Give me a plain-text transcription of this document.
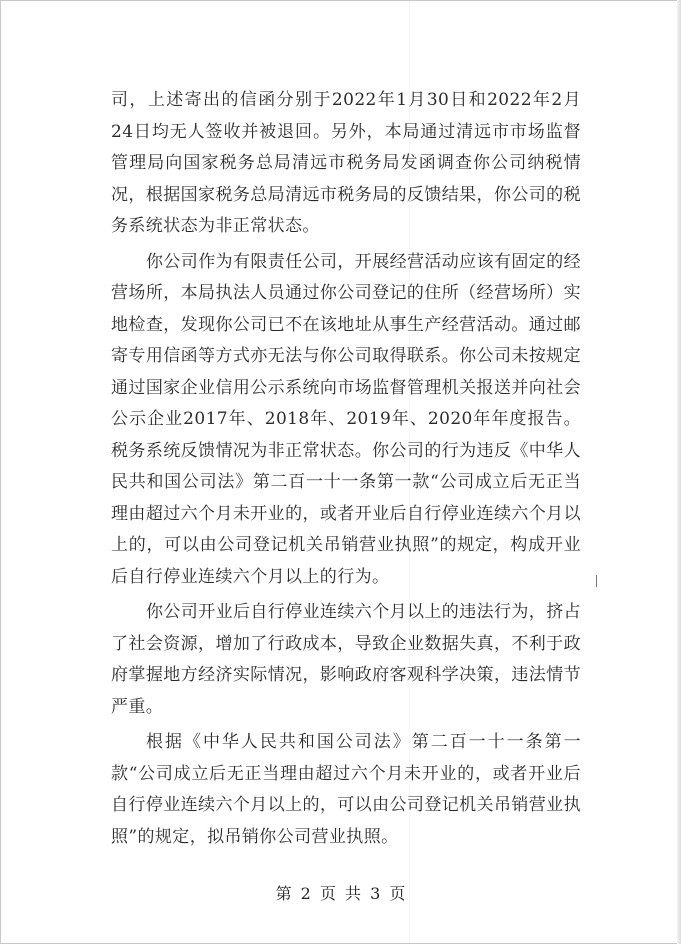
司，上述寄出的信函分别于2022年1月30日和2022年2月24日均无人签收并被退回。另外，本局通过清远市市场监督管理局向国家税务总局清远市税务局发函调查你公司纳税情况，根据国家税务总局清远市税务局的反馈结果，你公司的税务系统状态为非正常状态。

你公司作为有限责任公司，开展经营活动应该有固定的经营场所，本局执法人员通过你公司登记的住所（经营场所）实地检查，发现你公司已不在该地址从事生产经营活动。通过邮寄专用信函等方式亦无法与你公司取得联系。你公司未按规定通过国家企业信用公示系统向市场监督管理机关报送并向社会公示企业2017年、2018年、2019年、2020年年度报告。税务系统反馈情况为非正常状态。你公司的行为违反《中华人民共和国公司法》第二百一十一条第一款“公司成立后无正当理由超过六个月未开业的，或者开业后自行停业连续六个月以上的，可以由公司登记机关吊销营业执照”的规定，构成开业后自行停业连续六个月以上的行为。

你公司开业后自行停业连续六个月以上的违法行为，挤占了社会资源，增加了行政成本，导致企业数据失真，不利于政府掌握地方经济实际情况，影响政府客观科学决策，违法情节严重。

根据《中华人民共和国公司法》第二百一十一条第一款“公司成立后无正当理由超过六个月未开业的，或者开业后自行停业连续六个月以上的，可以由公司登记机关吊销营业执照”的规定，拟吊销你公司营业执照。

第 2 页 共 3 页
